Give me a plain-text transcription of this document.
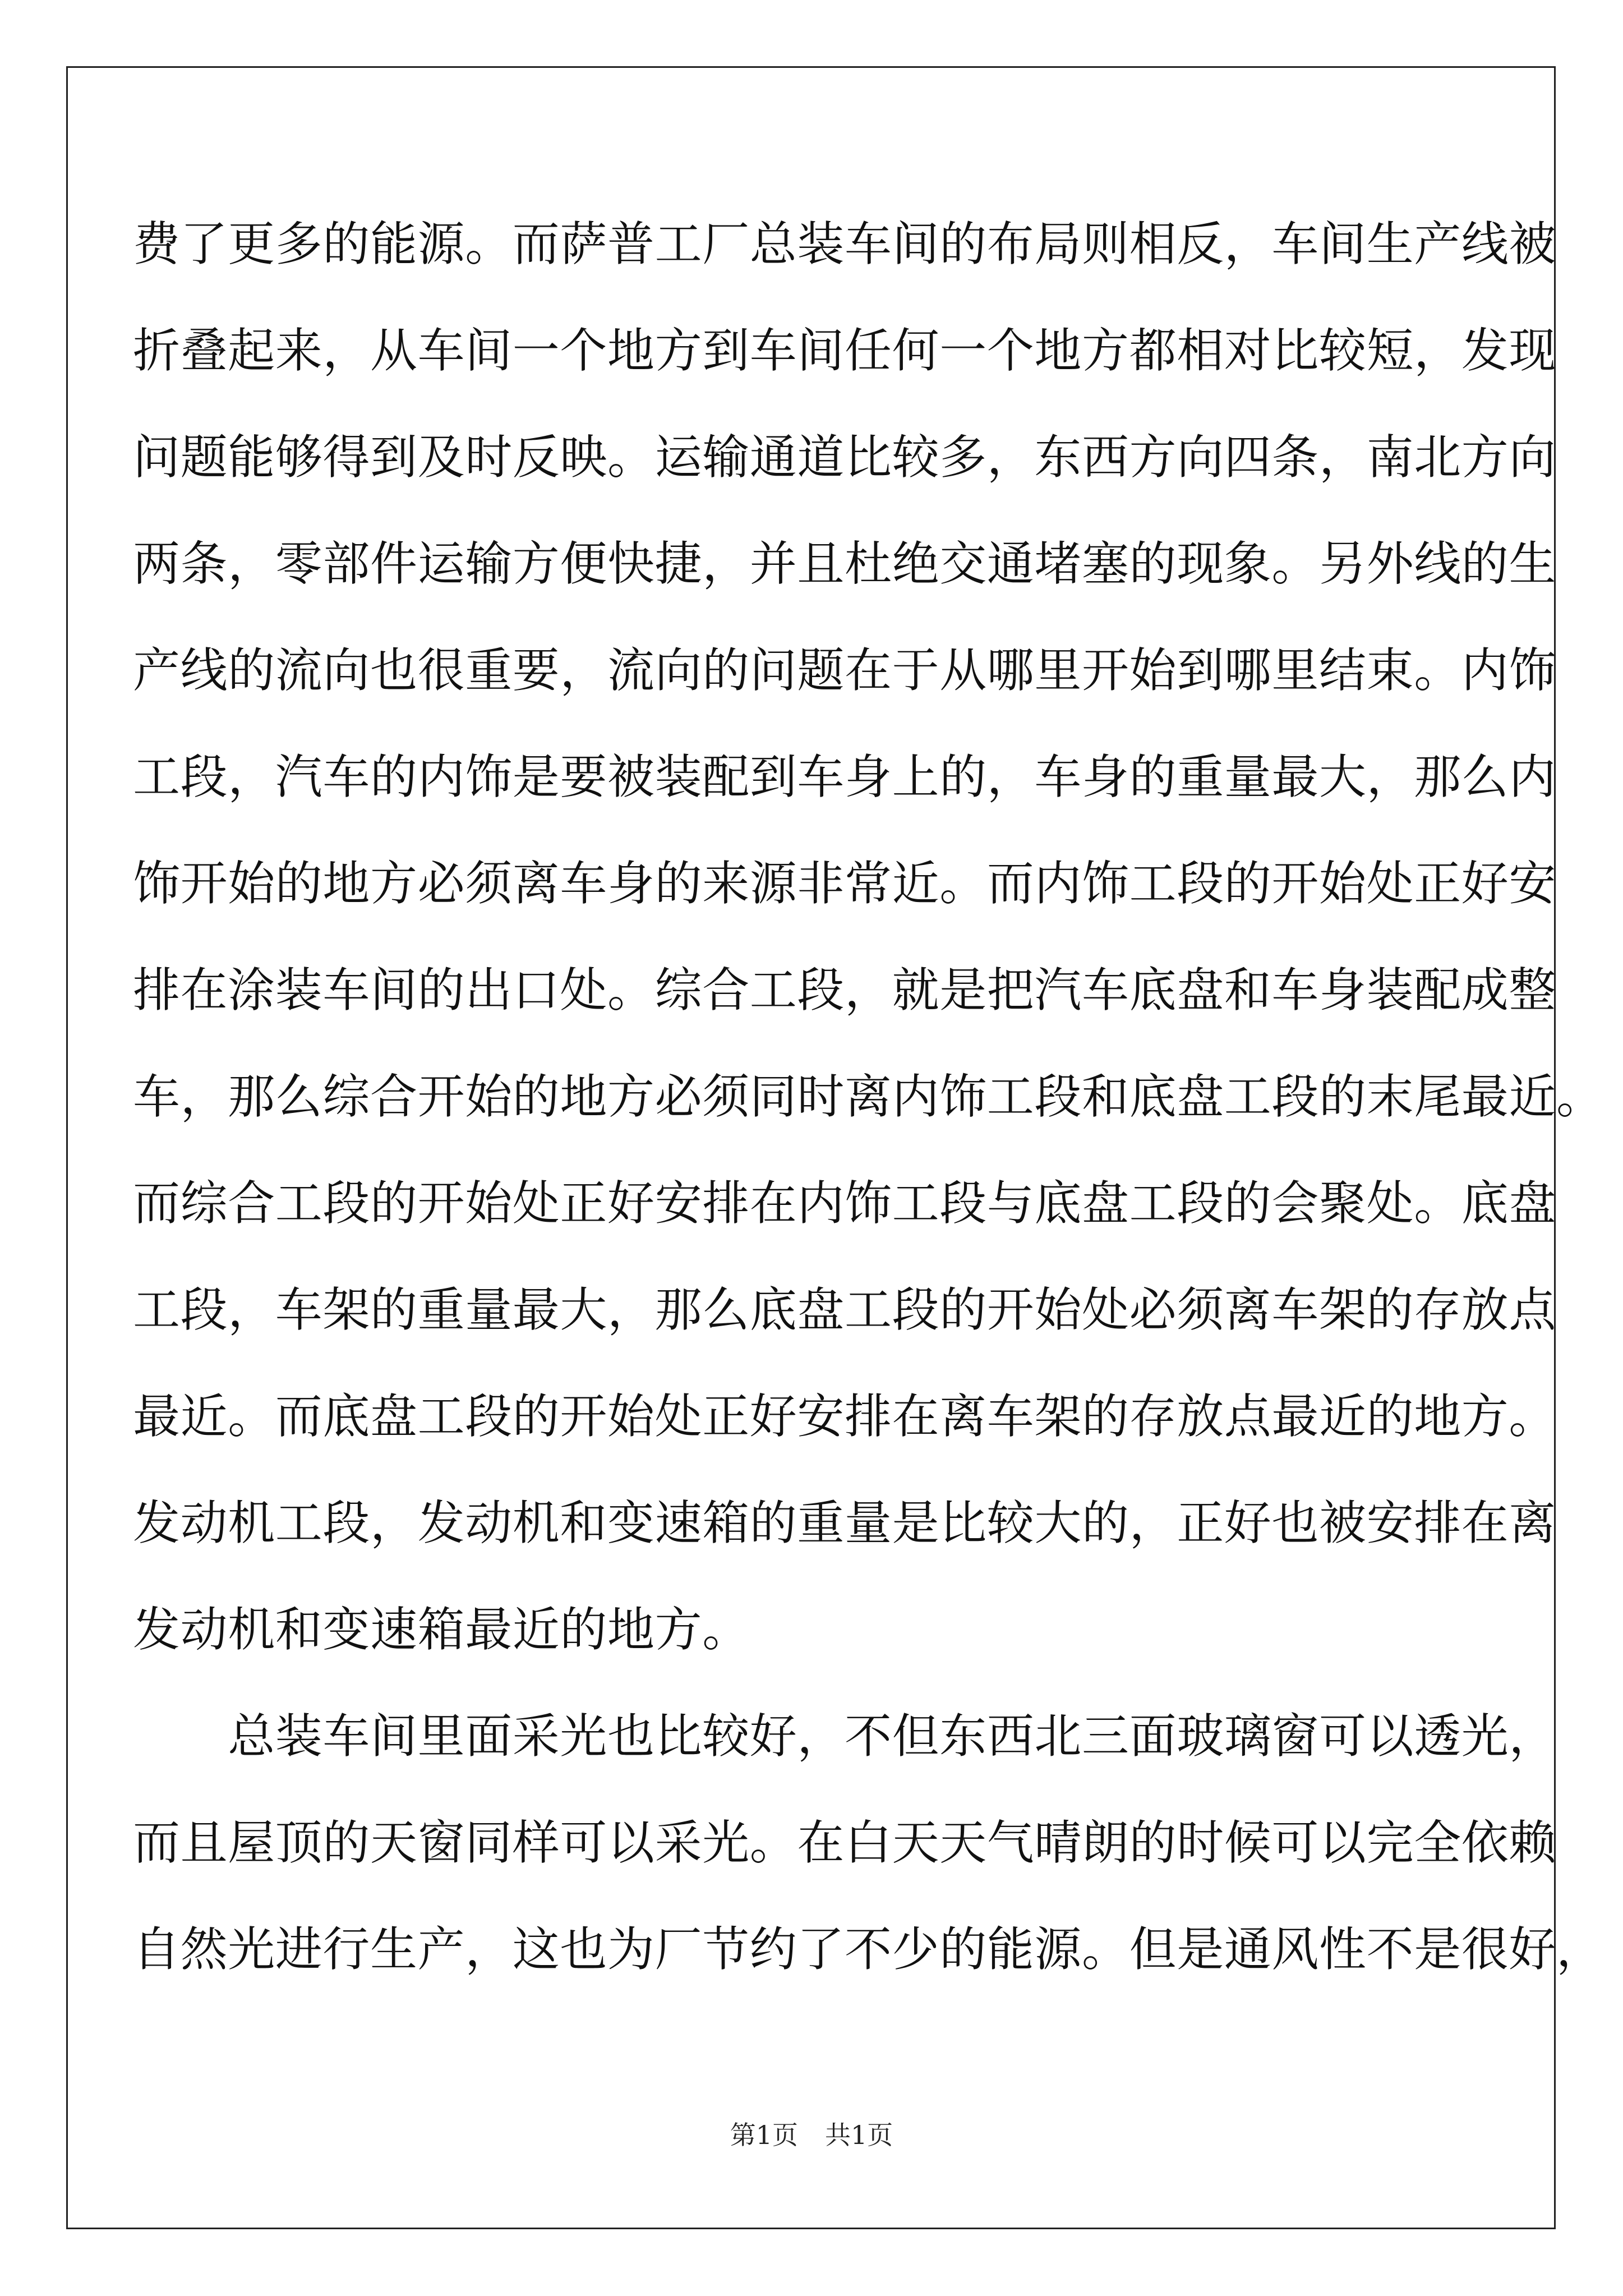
费了更多的能源。而萨普工厂总装车间的布局则相反，车间生产线被
折叠起来，从车间一个地方到车间任何一个地方都相对比较短，发现
问题能够得到及时反映。运输通道比较多，东西方向四条，南北方向
两条，零部件运输方便快捷，并且杜绝交通堵塞的现象。另外线的生
产线的流向也很重要，流向的问题在于从哪里开始到哪里结束。内饰
工段，汽车的内饰是要被装配到车身上的，车身的重量最大，那么内
饰开始的地方必须离车身的来源非常近。而内饰工段的开始处正好安
排在涂装车间的出口处。综合工段，就是把汽车底盘和车身装配成整
车，那么综合开始的地方必须同时离内饰工段和底盘工段的末尾最近。
而综合工段的开始处正好安排在内饰工段与底盘工段的会聚处。底盘
工段，车架的重量最大，那么底盘工段的开始处必须离车架的存放点
最近。而底盘工段的开始处正好安排在离车架的存放点最近的地方。
发动机工段，发动机和变速箱的重量是比较大的，正好也被安排在离
发动机和变速箱最近的地方。
　　总装车间里面采光也比较好，不但东西北三面玻璃窗可以透光，
而且屋顶的天窗同样可以采光。在白天天气晴朗的时候可以完全依赖
自然光进行生产，这也为厂节约了不少的能源。但是通风性不是很好，
第1页 共1页
